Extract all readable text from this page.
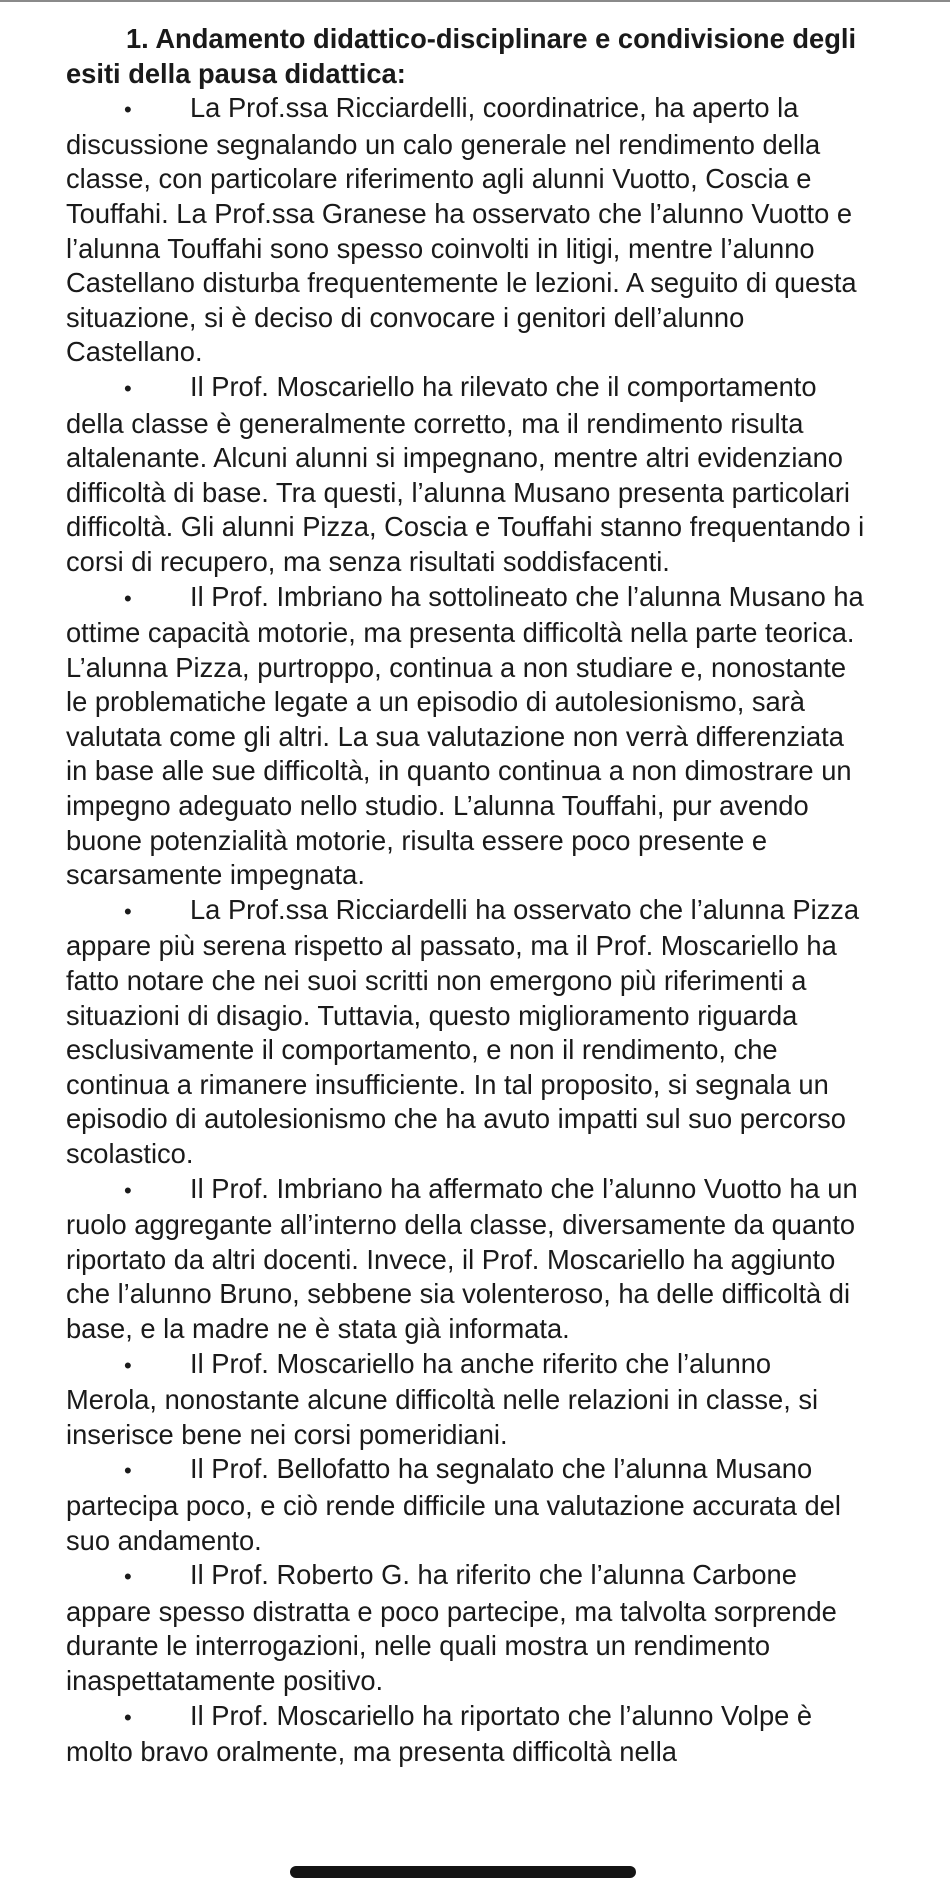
1. Andamento didattico-disciplinare e condivisione degli esiti della pausa didattica:

• La Prof.ssa Ricciardelli, coordinatrice, ha aperto la discussione segnalando un calo generale nel rendimento della classe, con particolare riferimento agli alunni Vuotto, Coscia e Touffahi. La Prof.ssa Granese ha osservato che l’alunno Vuotto e l’alunna Touffahi sono spesso coinvolti in litigi, mentre l’alunno Castellano disturba frequentemente le lezioni. A seguito di questa situazione, si è deciso di convocare i genitori dell’alunno Castellano.

• Il Prof. Moscariello ha rilevato che il comportamento della classe è generalmente corretto, ma il rendimento risulta altalenante. Alcuni alunni si impegnano, mentre altri evidenziano difficoltà di base. Tra questi, l’alunna Musano presenta particolari difficoltà. Gli alunni Pizza, Coscia e Touffahi stanno frequentando i corsi di recupero, ma senza risultati soddisfacenti.

• Il Prof. Imbriano ha sottolineato che l’alunna Musano ha ottime capacità motorie, ma presenta difficoltà nella parte teorica. L’alunna Pizza, purtroppo, continua a non studiare e, nonostante le problematiche legate a un episodio di autolesionismo, sarà valutata come gli altri. La sua valutazione non verrà differenziata in base alle sue difficoltà, in quanto continua a non dimostrare un impegno adeguato nello studio. L’alunna Touffahi, pur avendo buone potenzialità motorie, risulta essere poco presente e scarsamente impegnata.

• La Prof.ssa Ricciardelli ha osservato che l’alunna Pizza appare più serena rispetto al passato, ma il Prof. Moscariello ha fatto notare che nei suoi scritti non emergono più riferimenti a situazioni di disagio. Tuttavia, questo miglioramento riguarda esclusivamente il comportamento, e non il rendimento, che continua a rimanere insufficiente. In tal proposito, si segnala un episodio di autolesionismo che ha avuto impatti sul suo percorso scolastico.

• Il Prof. Imbriano ha affermato che l’alunno Vuotto ha un ruolo aggregante all’interno della classe, diversamente da quanto riportato da altri docenti. Invece, il Prof. Moscariello ha aggiunto che l’alunno Bruno, sebbene sia volenteroso, ha delle difficoltà di base, e la madre ne è stata già informata.

• Il Prof. Moscariello ha anche riferito che l’alunno Merola, nonostante alcune difficoltà nelle relazioni in classe, si inserisce bene nei corsi pomeridiani.

• Il Prof. Bellofatto ha segnalato che l’alunna Musano partecipa poco, e ciò rende difficile una valutazione accurata del suo andamento.

• Il Prof. Roberto G. ha riferito che l’alunna Carbone appare spesso distratta e poco partecipe, ma talvolta sorprende durante le interrogazioni, nelle quali mostra un rendimento inaspettatamente positivo.

• Il Prof. Moscariello ha riportato che l’alunno Volpe è molto bravo oralmente, ma presenta difficoltà nella
